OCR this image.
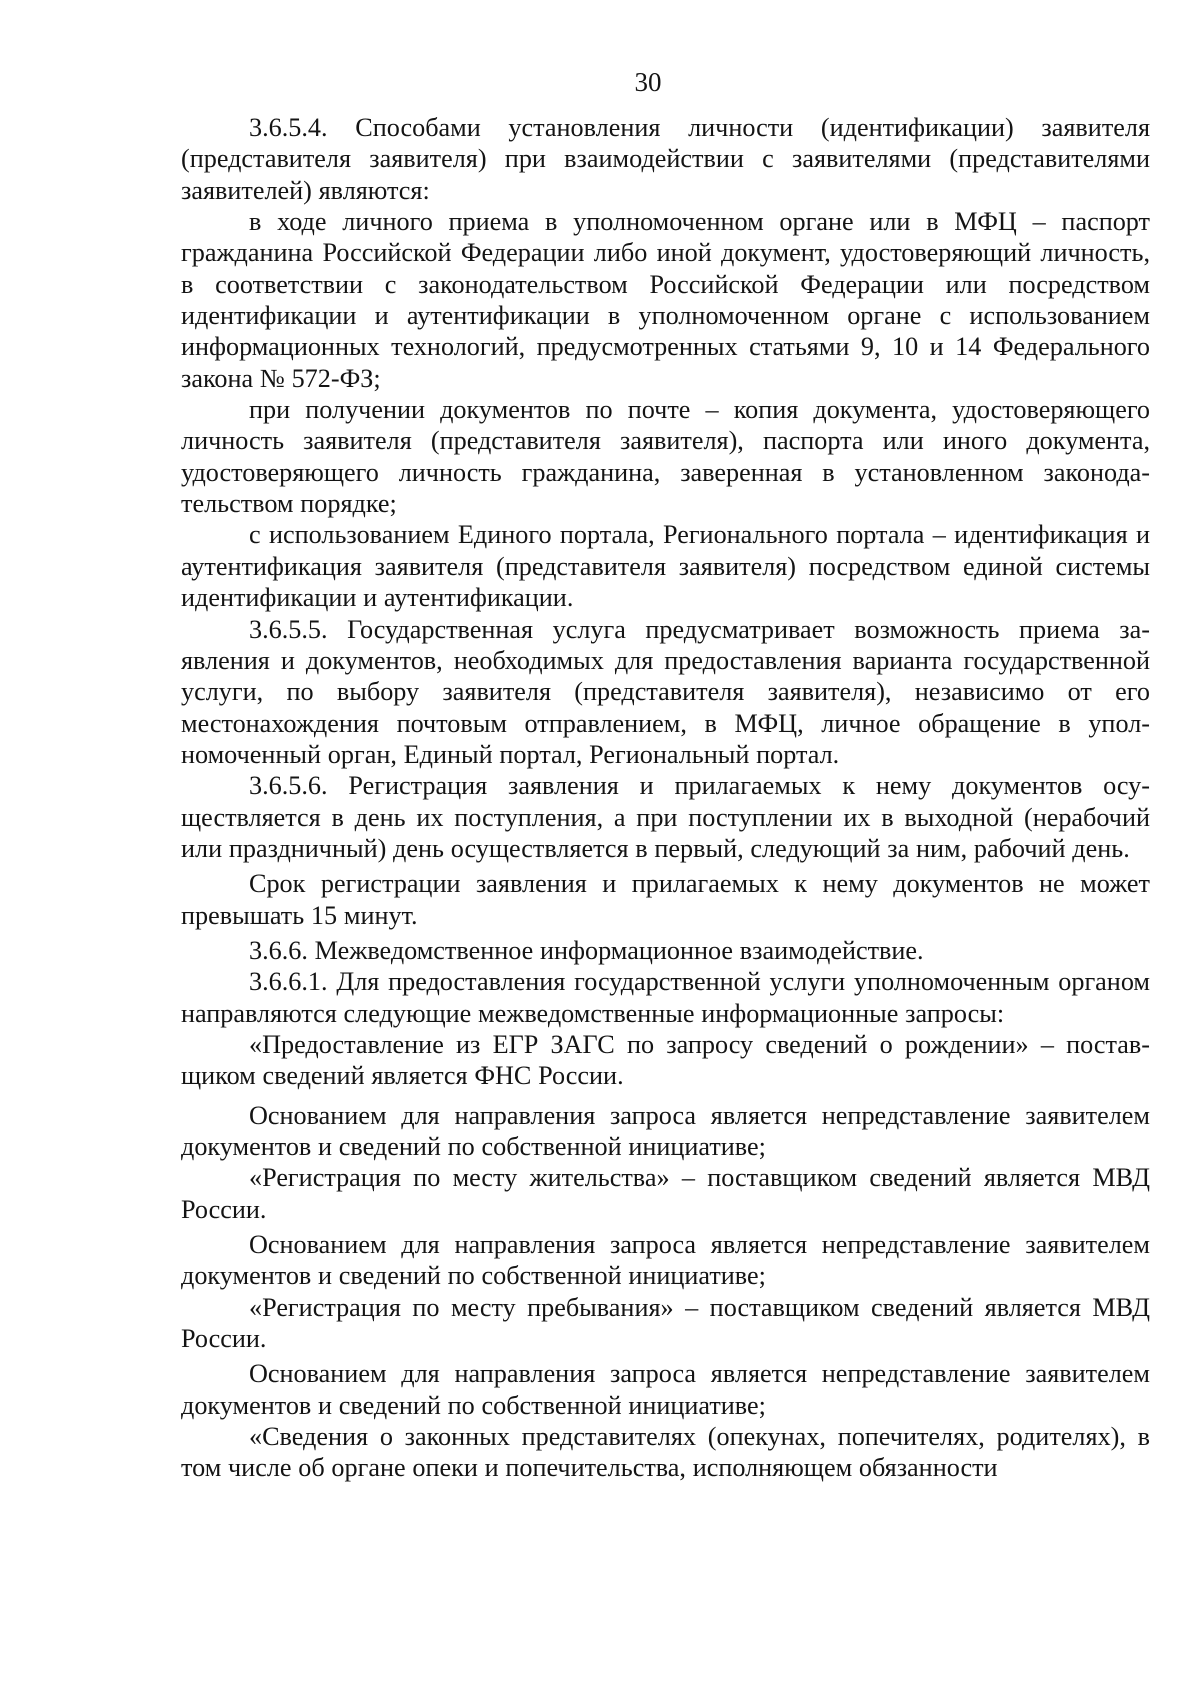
30

3.6.5.4. Способами установления личности (идентификации) заявителя (представителя заявителя) при взаимодействии с заявителями (представителями заявителей) являются:

в ходе личного приема в уполномоченном органе или в МФЦ – паспорт гражданина Российской Федерации либо иной документ, удостоверяющий личность, в соответствии с законодательством Российской Федерации или посредством идентификации и аутентификации в уполномоченном органе с использованием информационных технологий, предусмотренных статьями 9, 10 и 14 Федерального закона № 572-ФЗ;

при получении документов по почте – копия документа, удостоверяющего личность заявителя (представителя заявителя), паспорта или иного документа, удостоверяющего личность гражданина, заверенная в установленном законодательством порядке;

с использованием Единого портала, Регионального портала – идентификация и аутентификация заявителя (представителя заявителя) посредством единой системы идентификации и аутентификации.

3.6.5.5. Государственная услуга предусматривает возможность приема заявления и документов, необходимых для предоставления варианта государственной услуги, по выбору заявителя (представителя заявителя), независимо от его местонахождения почтовым отправлением, в МФЦ, личное обращение в уполномоченный орган, Единый портал, Региональный портал.

3.6.5.6. Регистрация заявления и прилагаемых к нему документов осуществляется в день их поступления, а при поступлении их в выходной (нерабочий или праздничный) день осуществляется в первый, следующий за ним, рабочий день.

Срок регистрации заявления и прилагаемых к нему документов не может превышать 15 минут.

3.6.6. Межведомственное информационное взаимодействие.

3.6.6.1. Для предоставления государственной услуги уполномоченным органом направляются следующие межведомственные информационные запросы:

«Предоставление из ЕГР ЗАГС по запросу сведений о рождении» – поставщиком сведений является ФНС России.

Основанием для направления запроса является непредставление заявителем документов и сведений по собственной инициативе;

«Регистрация по месту жительства» – поставщиком сведений является МВД России.

Основанием для направления запроса является непредставление заявителем документов и сведений по собственной инициативе;

«Регистрация по месту пребывания» – поставщиком сведений является МВД России.

Основанием для направления запроса является непредставление заявителем документов и сведений по собственной инициативе;

«Сведения о законных представителях (опекунах, попечителях, родителях), в том числе об органе опеки и попечительства, исполняющем обязанности
